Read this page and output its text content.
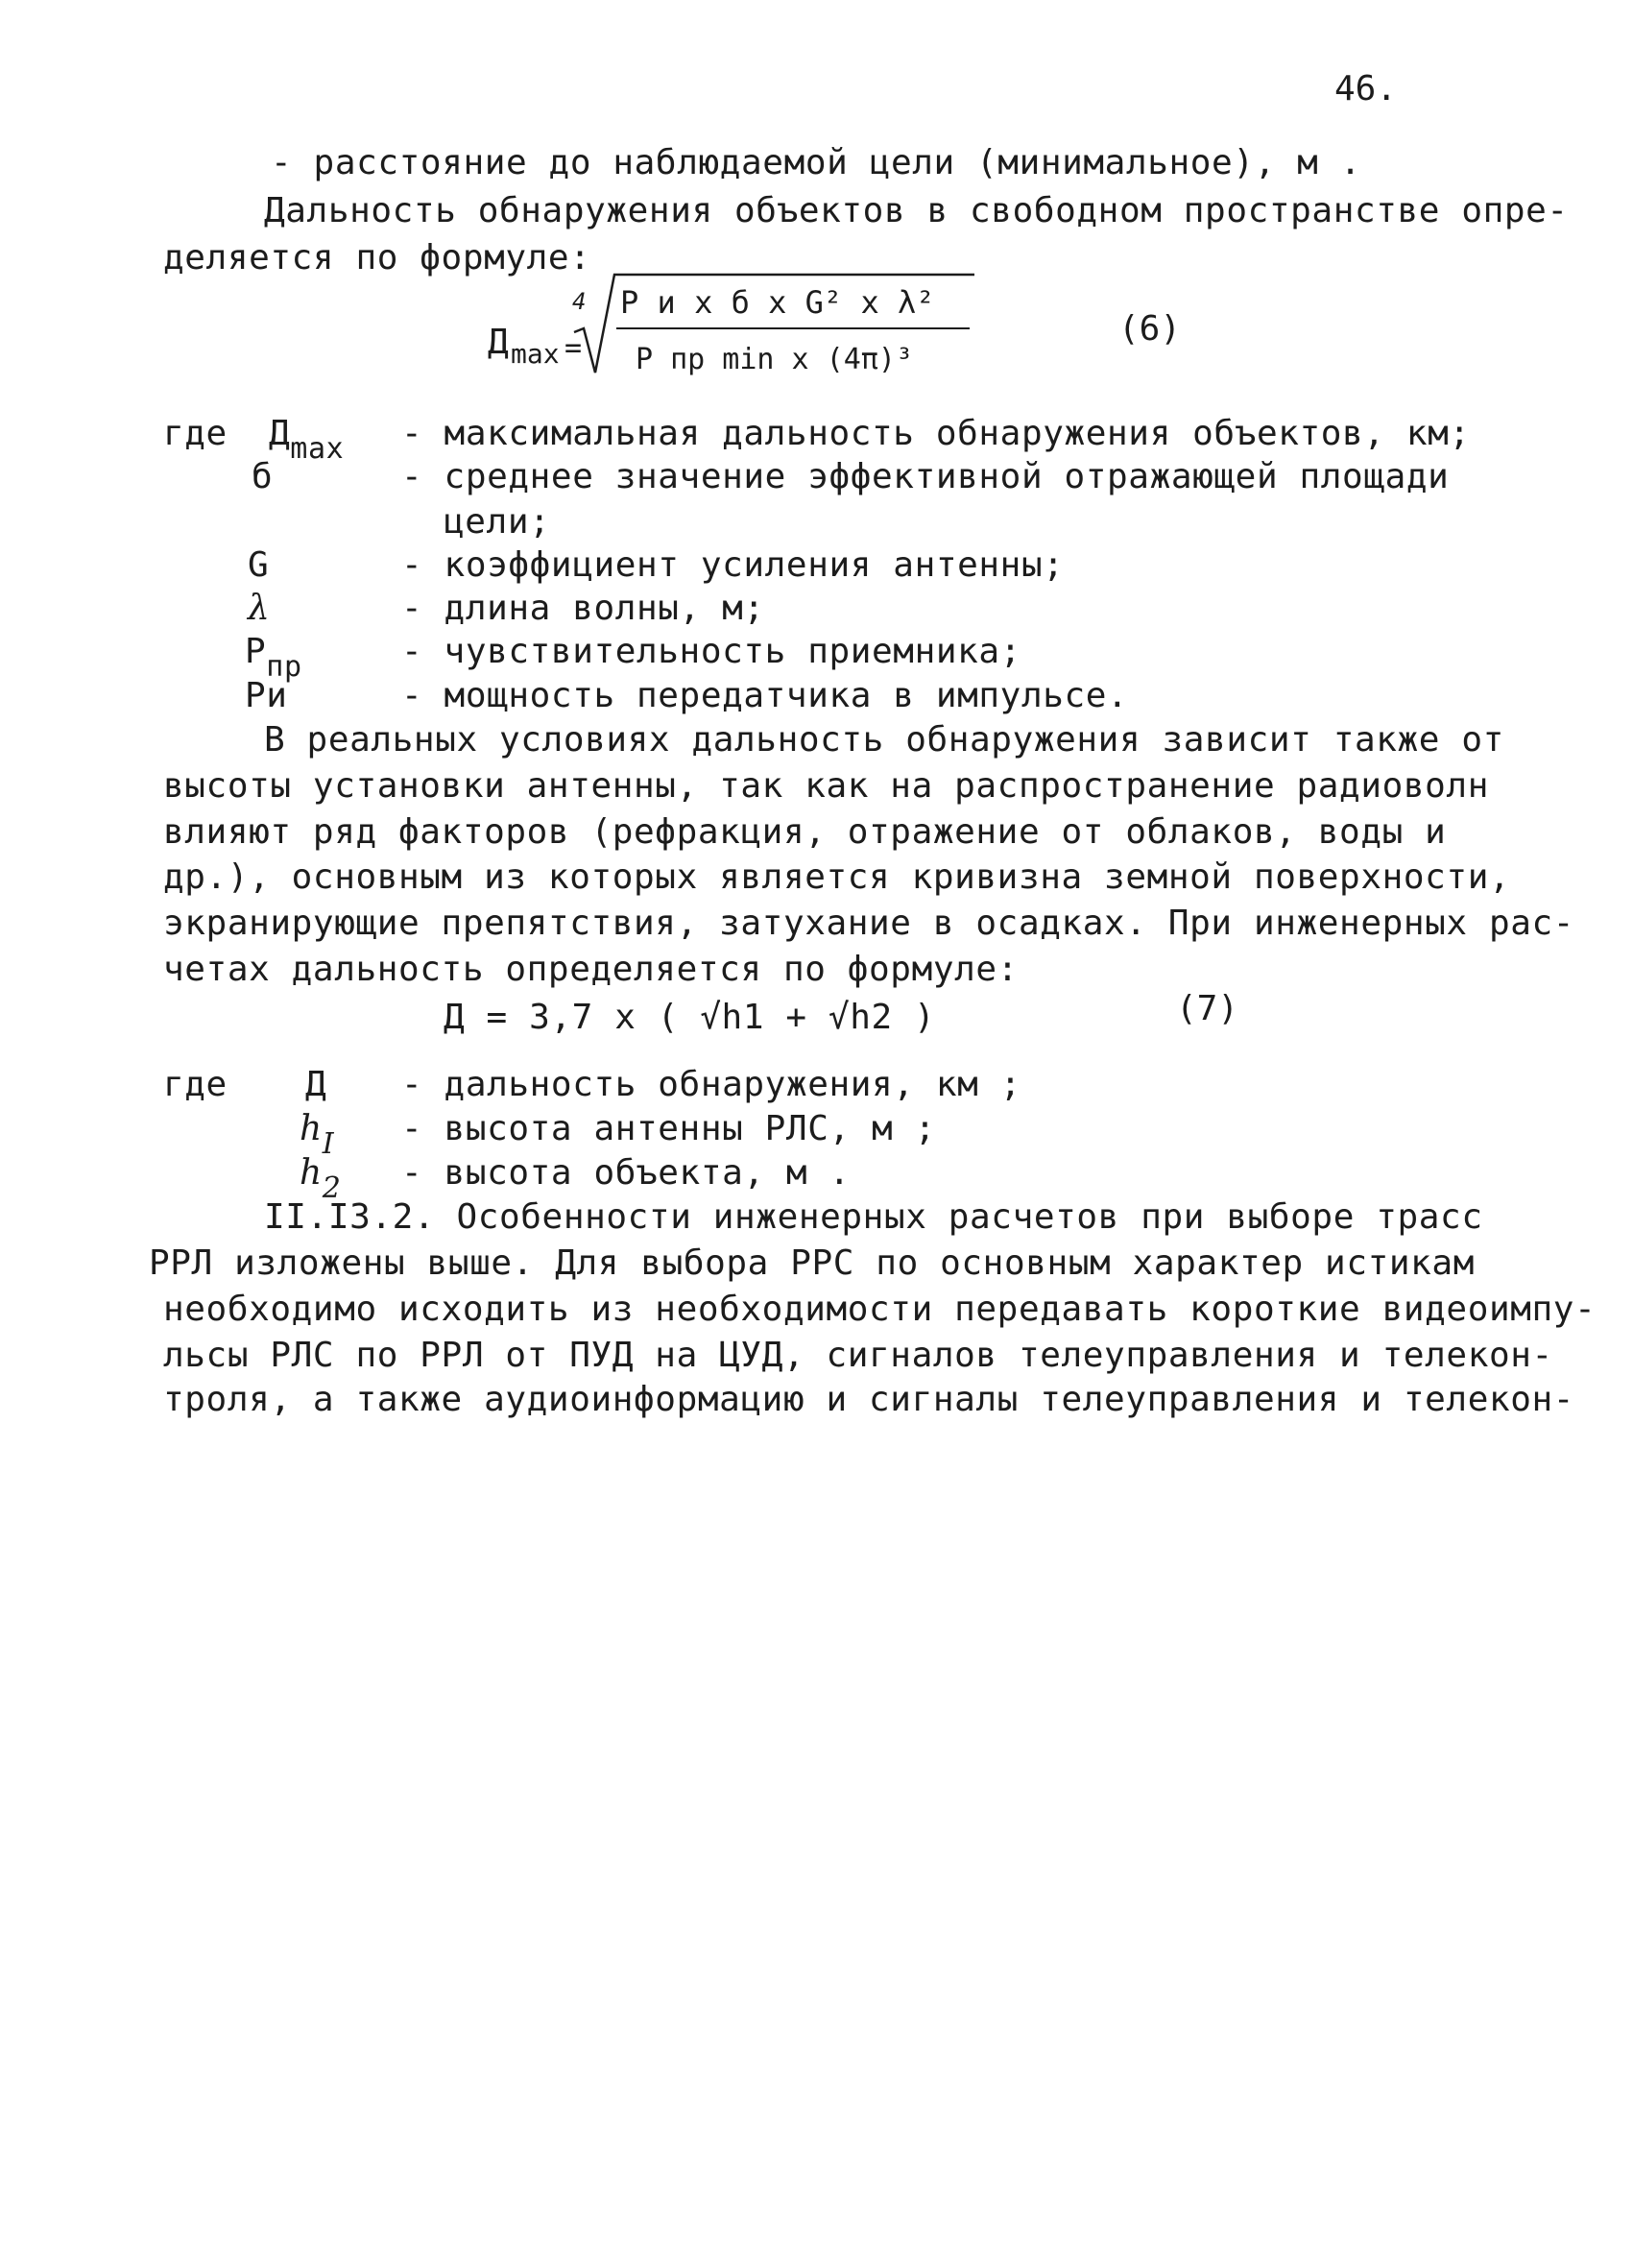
46.
- расстояние до наблюдаемой цели (минимальное), м .
Дальность обнаружения объектов в свободном пространстве опре-
деляется по формуле:
Д max =
4 P и x б x G² x λ²
P пр min x (4π)³
(6)
где $Д_{max}$ - максимальная дальность обнаружения объектов, км;
б	- среднее значение эффективной отражающей площади
цели;
G	- коэффициент усиления антенны;
λ	- длина волны, м;
$P_{пр}$	- чувствительность приемника;
Pи	- мощность передатчика в импульсе.
В реальных условиях дальность обнаружения зависит также от
высоты установки антенны, так как на распространение радиоволн
влияют ряд факторов (рефракция, отражение от облаков, воды и
др.), основным из которых является кривизна земной поверхности,
экранирующие препятствия, затухание в осадках. При инженерных рас-
четах дальность определяется по формуле:
Д = 3,7 x ( √h1 + √h2 )	(7)
где Д - дальность обнаружения, км ;
$h_I$ - высота антенны РЛС, м ;
$h_2$ - высота объекта, м .
II.I3.2. Особенности инженерных расчетов при выборе трасс
РРЛ изложены выше. Для выбора РРС по основным характер истикам
необходимо исходить из необходимости передавать короткие видеоимпу-
льсы РЛС по РРЛ от ПУД на ЦУД, сигналов телеуправления и телекон-
троля, а также аудиоинформацию и сигналы телеуправления и телекон-
